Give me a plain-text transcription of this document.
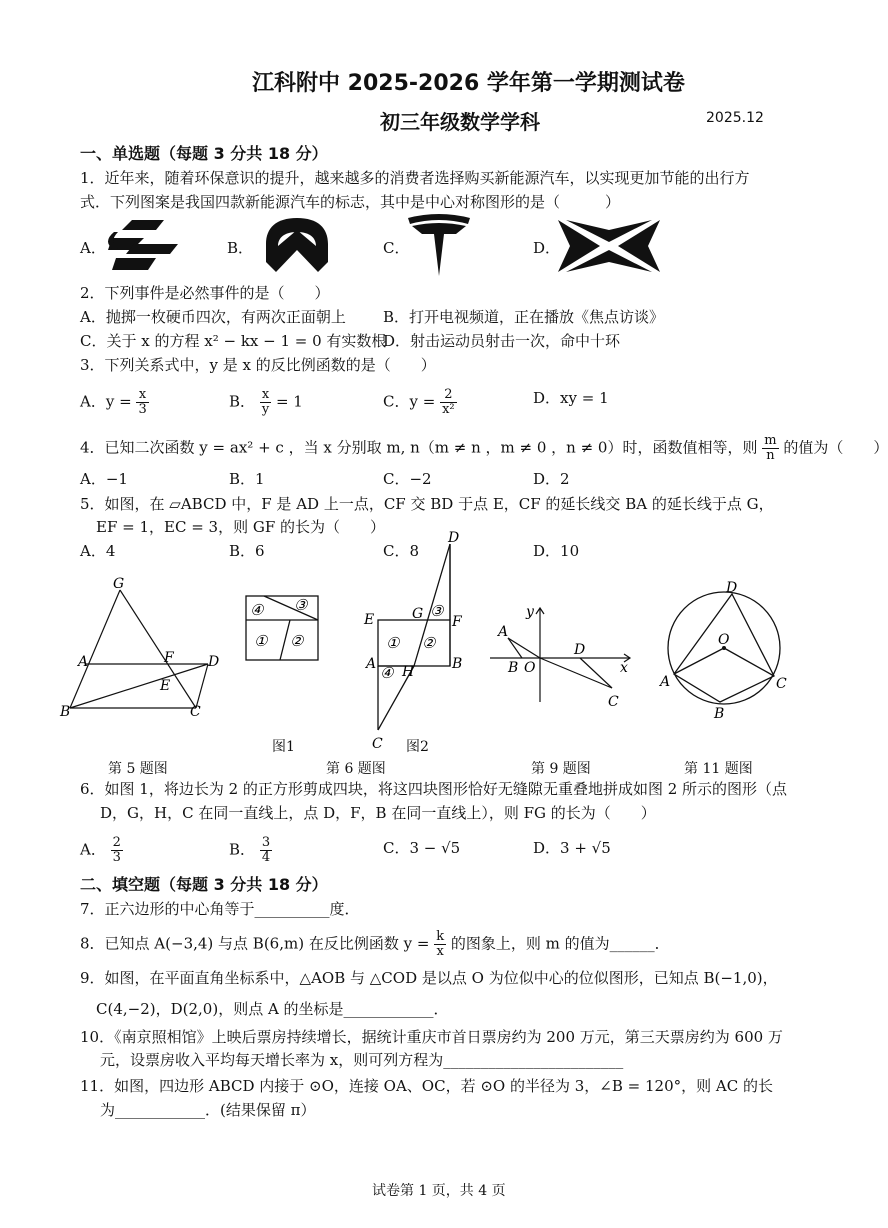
江科附中 2025-2026 学年第一学期测试卷
初三年级数学学科	2025.12
一、单选题（每题 3 分共 18 分）
1．近年来，随着环保意识的提升，越来越多的消费者选择购买新能源汽车，以实现更加节能的出行方
式．下列图案是我国四款新能源汽车的标志，其中是中心对称图形的是（　　　）
A．	B．	C．	D．
2．下列事件是必然事件的是（　　）
A．抛掷一枚硬币四次，有两次正面朝上 B．打开电视频道，正在播放《焦点访谈》
C．关于 x 的方程 x² − kx − 1 = 0 有实数根
D．射击运动员射击一次，命中十环
3．下列关系式中，y 是 x 的反比例函数的是（　　）
A．$y = \frac{x}{3}$	B． $\frac{x}{y} = 1$	C．$y = \frac{2}{\text{x²}}$	D．xy = 1
4．已知二次函数 y = ax² + c ，当 x 分别取 m, n（m ≠ n ，m ≠ 0 ，n ≠ 0）时，函数值相等，则 $\frac{m}{n}$ 的值为（　　）
A．−1	B．1	C．−2	D．2
5．如图，在 ▱ABCD 中，F 是 AD 上一点，CF 交 BD 于点 E，CF 的延长线交 BA 的延长线于点 G，
EF = 1，EC = 3，则 GF 的长为（　　）
A．4	B．6	C．8	D．10
G
A	F D
E
B	C
第 5 题图
④ ③
① ②
图1
D
E	G ③
F
① ②
A	B
④ H
C 图2
第 6 题图
y
A
B O
D
x
C
第 9 题图
D
O
A	C
B
第 11 题图
6．如图 1，将边长为 2 的正方形剪成四块，将这四块图形恰好无缝隙无重叠地拼成如图 2 所示的图形（点
D，G，H，C 在同一直线上，点 D，F，B 在同一直线上），则 FG 的长为（　　）
A． $\frac{2}{3}$	B． $\frac{3}{4}$	C．3 − √5	D．3 + √5
二、填空题（每题 3 分共 18 分）
7．正六边形的中心角等于__________度．
8．已知点 A(−3,4) 与点 B(6,m) 在反比例函数 $y = \frac{k}{x}$ 的图象上，则 m 的值为______．
9．如图，在平面直角坐标系中，△AOB 与 △COD 是以点 O 为位似中心的位似图形，已知点 B(−1,0)，
C(4,−2)，D(2,0)，则点 A 的坐标是____________．
10．《南京照相馆》上映后票房持续增长，据统计重庆市首日票房约为 200 万元，第三天票房约为 600 万
元，设票房收入平均每天增长率为 x，则可列方程为________________________
11．如图，四边形 ABCD 内接于 ⊙O，连接 OA、OC，若 ⊙O 的半径为 3，∠B = 120°，则 AC 的长
为____________．(结果保留 π）
试卷第 1 页，共 4 页
